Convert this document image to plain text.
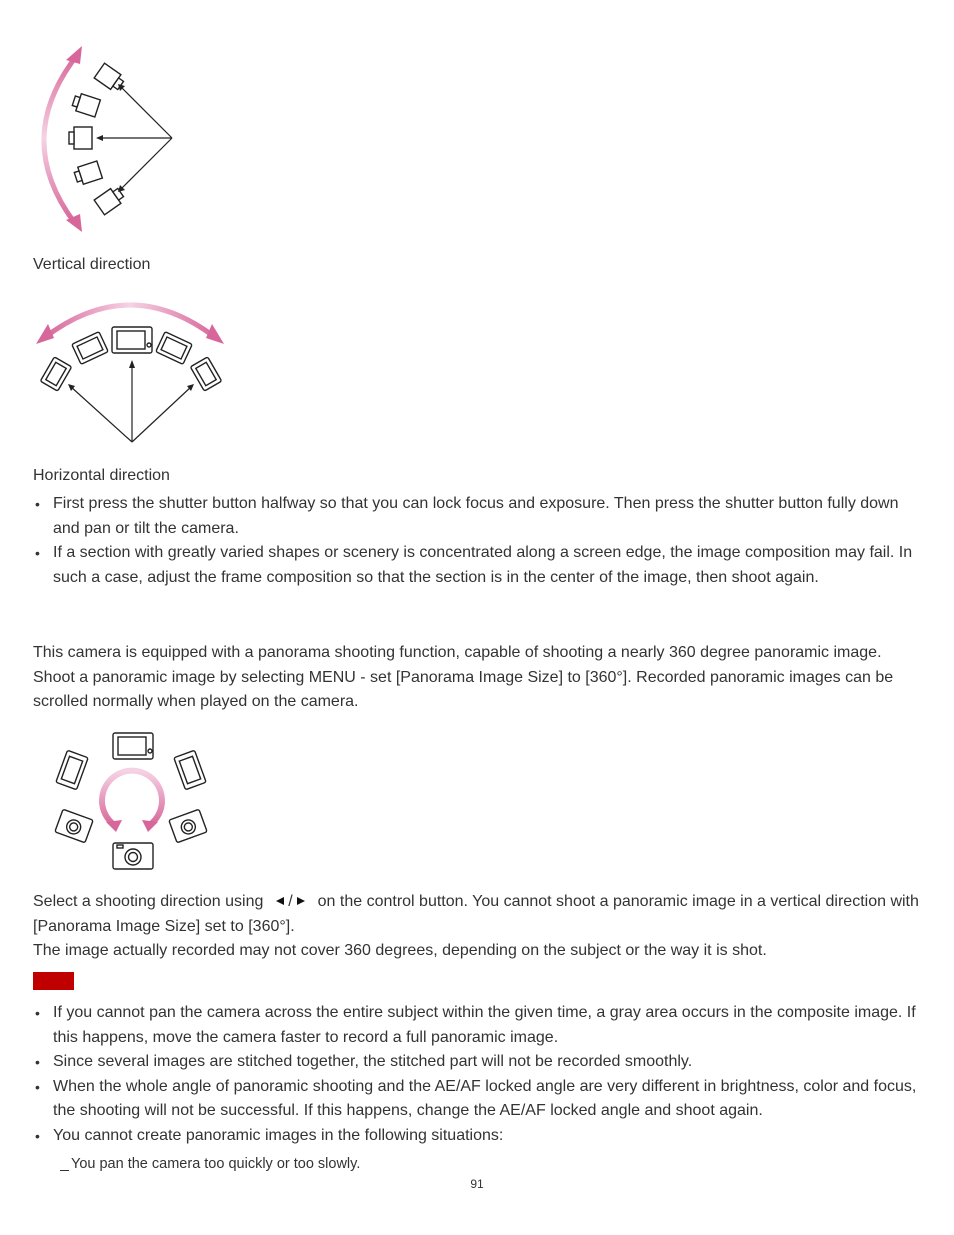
Vertical direction
Horizontal direction
• First press the shutter button halfway so that you can lock focus and exposure. Then press the shutter button fully down and pan or tilt the camera.
• If a section with greatly varied shapes or scenery is concentrated along a screen edge, the image composition may fail. In such a case, adjust the frame composition so that the section is in the center of the image, then shoot again.
This camera is equipped with a panorama shooting function, capable of shooting a nearly 360 degree panoramic image. Shoot a panoramic image by selecting MENU - set [Panorama Image Size] to [360°]. Recorded panoramic images can be scrolled normally when played on the camera.
Select a shooting direction using / on the control button. You cannot shoot a panoramic image in a vertical direction with [Panorama Image Size] set to [360°].
The image actually recorded may not cover 360 degrees, depending on the subject or the way it is shot.
• If you cannot pan the camera across the entire subject within the given time, a gray area occurs in the composite image. If this happens, move the camera faster to record a full panoramic image.
• Since several images are stitched together, the stitched part will not be recorded smoothly.
• When the whole angle of panoramic shooting and the AE/AF locked angle are very different in brightness, color and focus, the shooting will not be successful. If this happens, change the AE/AF locked angle and shoot again.
• You cannot create panoramic images in the following situations:
You pan the camera too quickly or too slowly.
91
